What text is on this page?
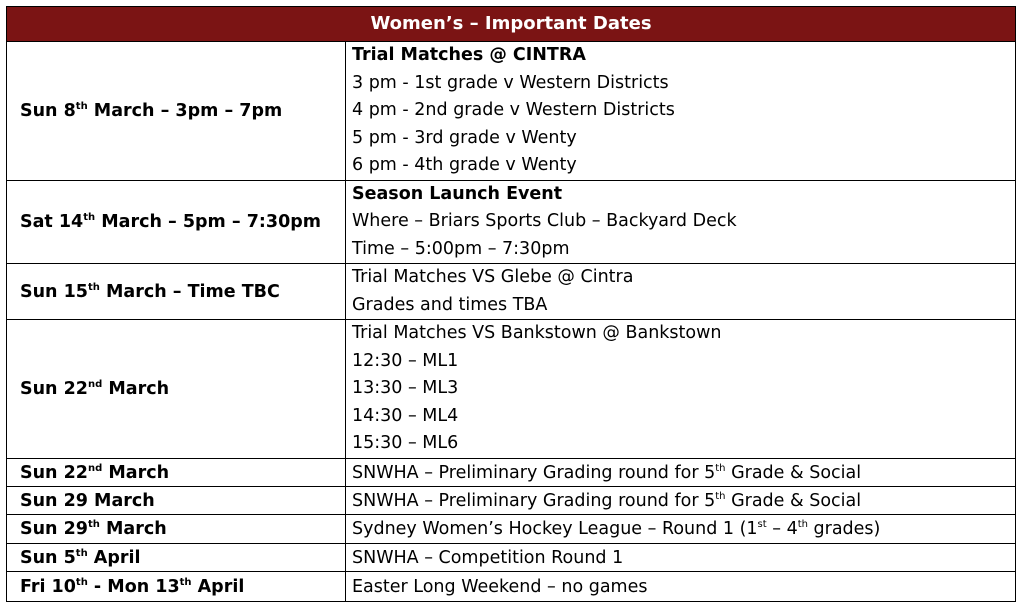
Women’s – Important Dates	
Sun 8th March – 3pm – 7pm	Trial Matches @ CINTRA
3 pm - 1st grade v Western Districts
4 pm - 2nd grade v Western Districts
5 pm - 3rd grade v Wenty
6 pm - 4th grade v Wenty

Sat 14th March – 5pm – 7:30pm	Season Launch Event
Where – Briars Sports Club – Backyard Deck
Time – 5:00pm – 7:30pm

Sun 15th March – Time TBC	Trial Matches VS Glebe @ Cintra
Grades and times TBA

Sun 22nd March	Trial Matches VS Bankstown @ Bankstown
12:30 – ML1
13:30 – ML3
14:30 – ML4
15:30 – ML6

Sun 22nd March	SNWHA – Preliminary Grading round for 5th Grade & Social

Sun 29 March	SNWHA – Preliminary Grading round for 5th Grade & Social

Sun 29th March	Sydney Women’s Hockey League – Round 1 (1st – 4th grades)

Sun 5th April	SNWHA – Competition Round 1

Fri 10th - Mon 13th April	Easter Long Weekend – no games
